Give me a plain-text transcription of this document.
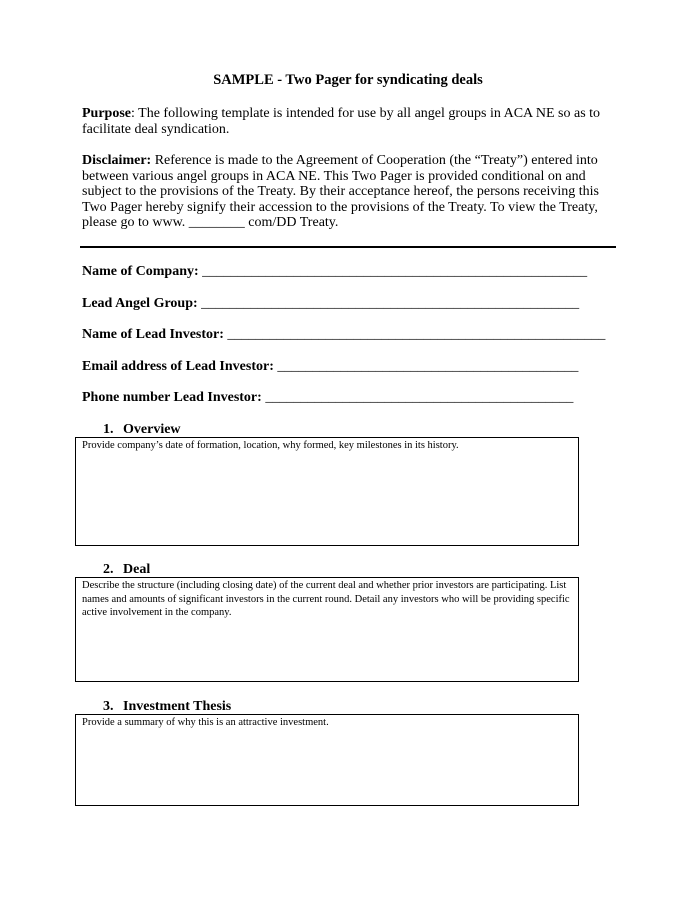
SAMPLE - Two Pager for syndicating deals
Purpose: The following template is intended for use by all angel groups in ACA NE so as to facilitate deal syndication.
Disclaimer: Reference is made to the Agreement of Cooperation (the “Treaty”) entered into between various angel groups in ACA NE. This Two Pager is provided conditional on and subject to the provisions of the Treaty. By their acceptance hereof, the persons receiving this Two Pager hereby signify their accession to the provisions of the Treaty. To view the Treaty, please go to www. ________ com/DD Treaty.
Name of Company: _______________________________________________________
Lead Angel Group: ______________________________________________________
Name of Lead Investor: ______________________________________________________
Email address of Lead Investor: ___________________________________________
Phone number Lead Investor: ____________________________________________
1. Overview
Provide company’s date of formation, location, why formed, key milestones in its history.
2. Deal
Describe the structure (including closing date) of the current deal and whether prior investors are participating. List names and amounts of significant investors in the current round. Detail any investors who will be providing specific active involvement in the company.
3. Investment Thesis
Provide a summary of why this is an attractive investment.
